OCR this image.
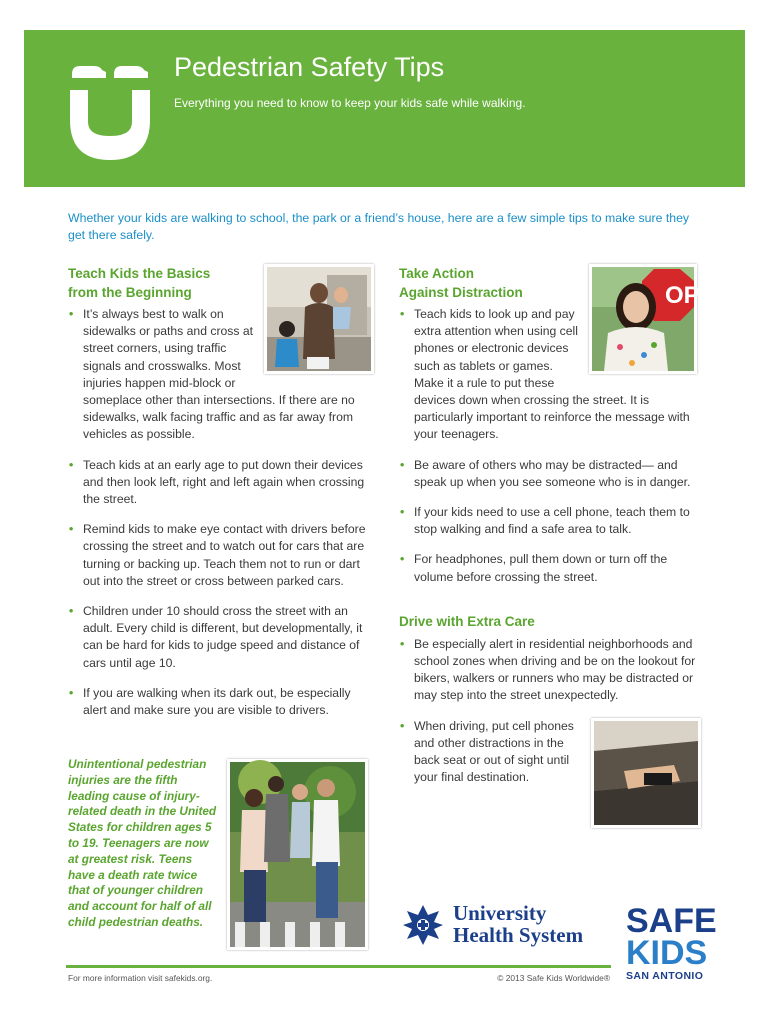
Pedestrian Safety Tips
Everything you need to know to keep your kids safe while walking.
Whether your kids are walking to school, the park or a friend’s house, here are a few simple tips to make sure they get there safely.
Teach Kids the Basics
from the Beginning
• It’s always best to walk on sidewalks or paths and cross at street corners, using traffic signals and crosswalks. Most injuries happen mid-block or someplace other than intersections. If there are no sidewalks, walk facing traffic and as far away from vehicles as possible.
• Teach kids at an early age to put down their devices and then look left, right and left again when crossing the street.
• Remind kids to make eye contact with drivers before crossing the street and to watch out for cars that are turning or backing up. Teach them not to run or dart out into the street or cross between parked cars.
• Children under 10 should cross the street with an adult. Every child is different, but developmentally, it can be hard for kids to judge speed and distance of cars until age 10.
• If you are walking when its dark out, be especially alert and make sure you are visible to drivers.
Unintentional pedestrian injuries are the fifth leading cause of injury-related death in the United States for children ages 5 to 19. Teenagers are now at greatest risk. Teens have a death rate twice that of younger children and account for half of all child pedestrian deaths.
OP
Take Action
Against Distraction
• Teach kids to look up and pay extra attention when using cell phones or electronic devices such as tablets or games. Make it a rule to put these devices down when crossing the street. It is particularly important to reinforce the message with your teenagers.
• Be aware of others who may be distracted— and speak up when you see someone who is in danger.
• If your kids need to use a cell phone, teach them to stop walking and find a safe area to talk.
• For headphones, pull them down or turn off the volume before crossing the street.
Drive with Extra Care
• Be especially alert in residential neighborhoods and school zones when driving and be on the lookout for bikers, walkers or runners who may be distracted or may step into the street unexpectedly.
• When driving, put cell phones and other distractions in the back seat or out of sight until your final destination.
University
Health System SAFE
KIDS
SAN ANTONIO
For more information visit safekids.org.	© 2013 Safe Kids Worldwide®
